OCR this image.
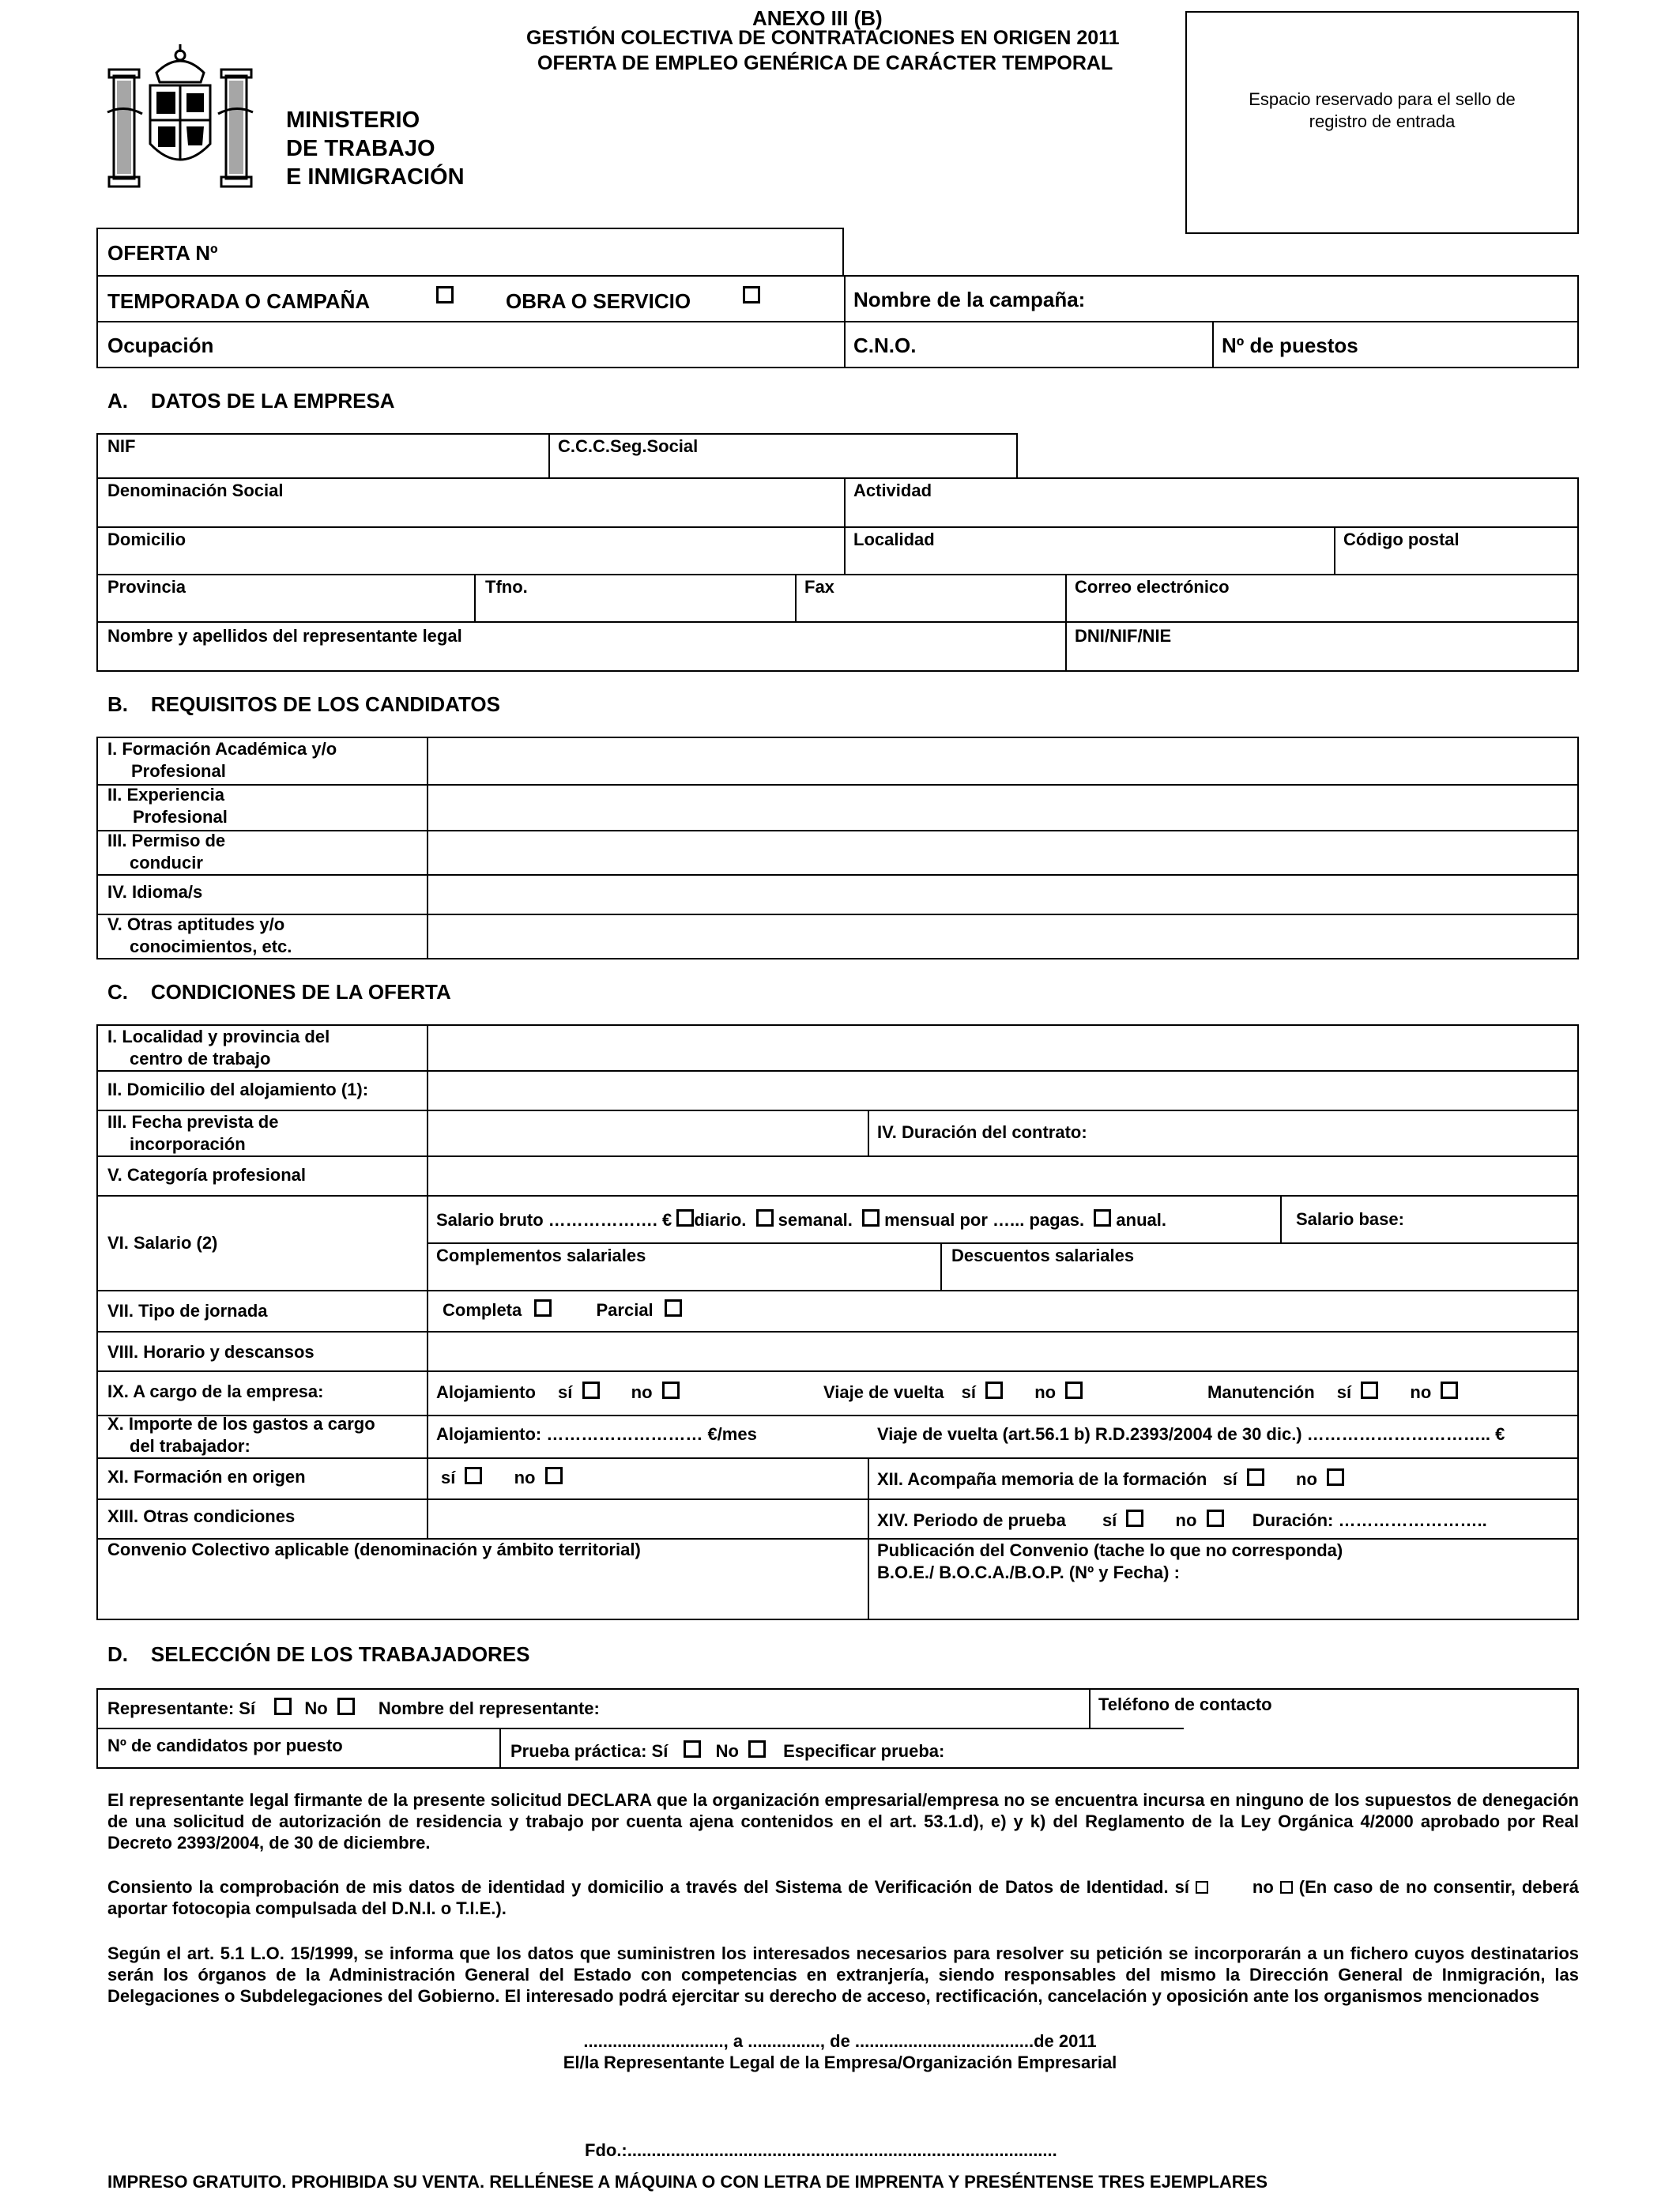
MINISTERIO
DE TRABAJO
E INMIGRACIÓN
ANEXO III (B)
GESTIÓN COLECTIVA DE CONTRATACIONES EN ORIGEN 2011
OFERTA DE EMPLEO GENÉRICA DE CARÁCTER TEMPORAL
Espacio reservado para el sello de
registro de entrada
OFERTA Nº
TEMPORADA O CAMPAÑA	OBRA O SERVICIO	Nombre de la campaña:
Ocupación	C.N.O.	Nº de puestos
A.    DATOS DE LA EMPRESA
NIF	C.C.C.Seg.Social
Denominación Social	Actividad
Domicilio	Localidad	Código postal
Provincia	Tfno.	Fax	Correo electrónico
Nombre y apellidos del representante legal	DNI/NIF/NIE
B.    REQUISITOS DE LOS CANDIDATOS
I. Formación Académica y/o
Profesional
II. Experiencia
Profesional
III. Permiso de
conducir
IV. Idioma/s
V. Otras aptitudes y/o
conocimientos, etc.
C.    CONDICIONES DE LA OFERTA
I. Localidad y provincia del
centro de trabajo
II. Domicilio del alojamiento (1):
III. Fecha prevista de
incorporación
IV. Duración del contrato:
V. Categoría profesional
VI. Salario (2)
Salario bruto ………………. € diario. semanal. mensual por …... pagas. anual.	Salario base:
Complementos salariales	Descuentos salariales
VII. Tipo de jornada	Completa	Parcial
VIII. Horario y descansos
IX. A cargo de la empresa:	Alojamiento sí	no	Viaje de vuelta sí	no	Manutención sí	no
X. Importe de los gastos a cargo
del trabajador:
Alojamiento: ……………………… €/mes	Viaje de vuelta (art.56.1 b) R.D.2393/2004 de 30 dic.) ………………………….. €
XI. Formación en origen	sí	no	XII. Acompaña memoria de la formación sí	no
XIII. Otras condiciones	XIV. Periodo de prueba sí	no	Duración: ……………………..
Convenio Colectivo aplicable (denominación y ámbito territorial)	Publicación del Convenio (tache lo que no corresponda)
B.O.E./ B.O.C.A./B.O.P. (Nº y Fecha) :
D.    SELECCIÓN DE LOS TRABAJADORES
Representante: Sí	No	Nombre del representante:	Teléfono de contacto
Nº de candidatos por puesto	Prueba práctica: Sí	No	Especificar prueba:
El representante legal firmante de la presente solicitud DECLARA que la organización empresarial/empresa no se encuentra incursa en ninguno de los supuestos de denegación de una solicitud de autorización de residencia y trabajo por cuenta ajena contenidos en el art. 53.1.d), e) y k) del Reglamento de la Ley Orgánica 4/2000 aprobado por Real Decreto 2393/2004, de 30 de diciembre.
Consiento la comprobación de mis datos de identidad y domicilio a través del Sistema de Verificación de Datos de Identidad. sí	no (En caso de no consentir, deberá aportar fotocopia compulsada del D.N.I. o T.I.E.).
Según el art. 5.1 L.O. 15/1999, se informa que los datos que suministren los interesados necesarios para resolver su petición se incorporarán a un fichero cuyos destinatarios serán los órganos de la Administración General del Estado con competencias en extranjería, siendo responsables del mismo la Dirección General de Inmigración, las Delegaciones o Subdelegaciones del Gobierno. El interesado podrá ejercitar su derecho de acceso, rectificación, cancelación y oposición ante los organismos mencionados
............................., a ..............., de .....................................de 2011
El/la Representante Legal de la Empresa/Organización Empresarial
Fdo.:.........................................................................................
IMPRESO GRATUITO. PROHIBIDA SU VENTA. RELLÉNESE A MÁQUINA O CON LETRA DE IMPRENTA Y PRESÉNTENSE TRES EJEMPLARES
